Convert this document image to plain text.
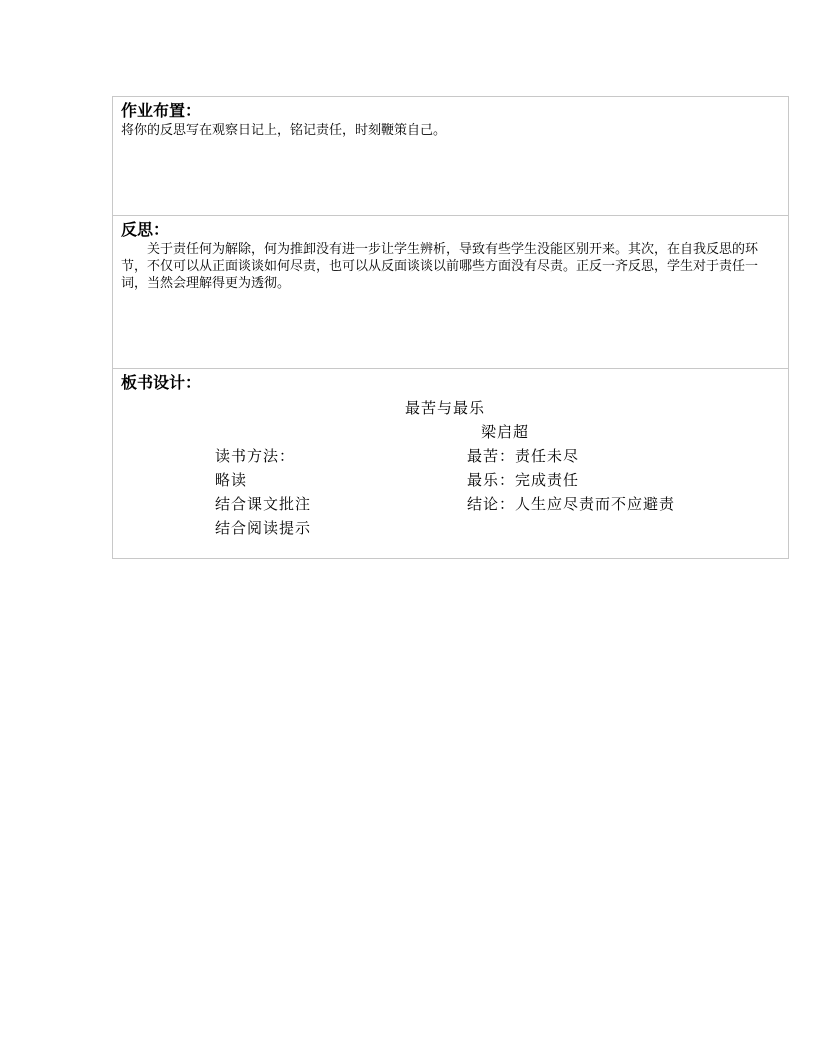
作业布置：
将你的反思写在观察日记上，铭记责任，时刻鞭策自己。
反思：
关于责任何为解除，何为推卸没有进一步让学生辨析，导致有些学生没能区别开来。其次，在自我反思的环节，不仅可以从正面谈谈如何尽责，也可以从反面谈谈以前哪些方面没有尽责。正反一齐反思，学生对于责任一词，当然会理解得更为透彻。
板书设计：
最苦与最乐
梁启超
读书方法：
略读
结合课文批注
结合阅读提示
最苦：责任未尽
最乐：完成责任
结论：人生应尽责而不应避责
